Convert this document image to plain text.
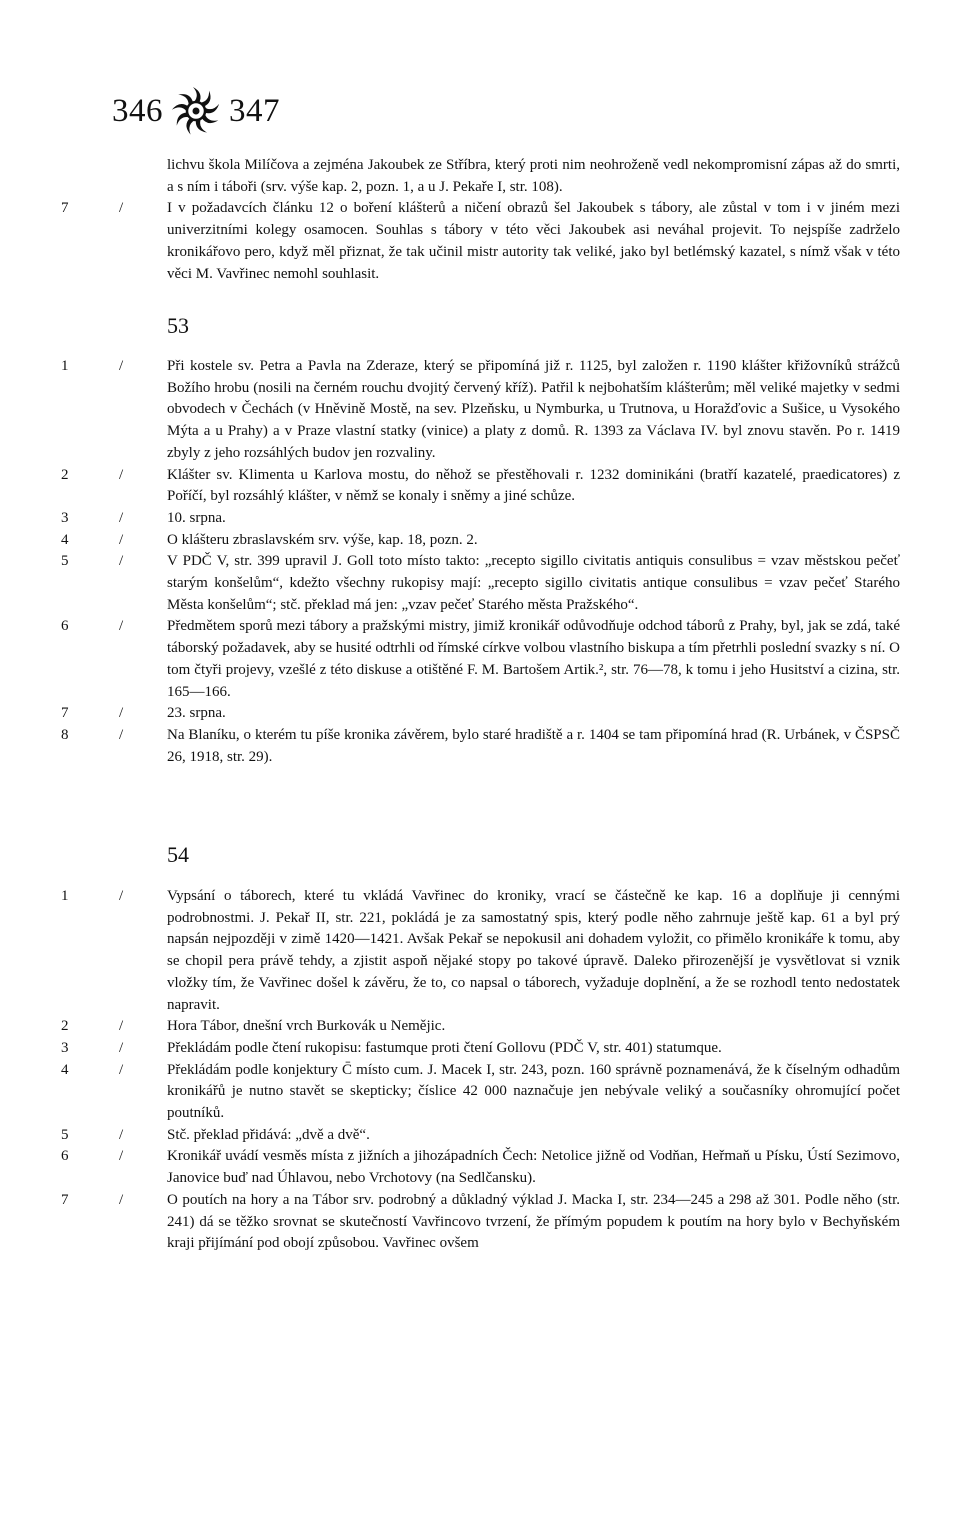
346 347
lichvu škola Milíčova a zejména Jakoubek ze Stříbra, který proti nim neohroženě vedl nekompromisní zápas až do smrti, a s ním i táboři (srv. výše kap. 2, pozn. 1, a u J. Pekaře I, str. 108).
7	/	I v požadavcích článku 12 o boření klášterů a ničení obrazů šel Jakoubek s tábory, ale zůstal v tom i v jiném mezi univerzitními kolegy osamocen. Souhlas s tábory v této věci Jakoubek asi neváhal projevit. To nejspíše zadrželo kronikářovo pero, když měl přiznat, že tak učinil mistr autority tak veliké, jako byl betlémský kazatel, s nímž však v této věci M. Vavřinec nemohl souhlasit.
53
1	/	Při kostele sv. Petra a Pavla na Zderaze, který se připomíná již r. 1125, byl založen r. 1190 klášter křižovníků strážců Božího hrobu (nosili na černém rouchu dvojitý červený kříž). Patřil k nejbohatším klášterům; měl veliké majetky v sedmi obvodech v Čechách (v Hněvině Mostě, na sev. Plzeňsku, u Nymburka, u Trutnova, u Horažďovic a Sušice, u Vysokého Mýta a u Prahy) a v Praze vlastní statky (vinice) a platy z domů. R. 1393 za Václava IV. byl znovu stavěn. Po r. 1419 zbyly z jeho rozsáhlých budov jen rozvaliny.
2	/	Klášter sv. Klimenta u Karlova mostu, do něhož se přestěhovali r. 1232 dominikáni (bratří kazatelé, praedicatores) z Poříčí, byl rozsáhlý klášter, v němž se konaly i sněmy a jiné schůze.
3	/	10. srpna.
4	/	O klášteru zbraslavském srv. výše, kap. 18, pozn. 2.
5	/	V PDČ V, str. 399 upravil J. Goll toto místo takto: „recepto sigillo civitatis antiquis consulibus = vzav městskou pečeť starým konšelům“, kdežto všechny rukopisy mají: „recepto sigillo civitatis antique consulibus = vzav pečeť Starého Města konšelům“; stč. překlad má jen: „vzav pečeť Starého města Pražského“.
6	/	Předmětem sporů mezi tábory a pražskými mistry, jimiž kronikář odůvodňuje odchod táborů z Prahy, byl, jak se zdá, také táborský požadavek, aby se husité odtrhli od římské církve volbou vlastního biskupa a tím přetrhli poslední svazky s ní. O tom čtyři projevy, vzešlé z této diskuse a otištěné F. M. Bartošem Artik.², str. 76—78, k tomu i jeho Husitství a cizina, str. 165—166.
7	/	23. srpna.
8	/	Na Blaníku, o kterém tu píše kronika závěrem, bylo staré hradiště a r. 1404 se tam připomíná hrad (R. Urbánek, v ČSPSČ 26, 1918, str. 29).
54
1	/	Vypsání o táborech, které tu vkládá Vavřinec do kroniky, vrací se částečně ke kap. 16 a doplňuje ji cennými podrobnostmi. J. Pekař II, str. 221, pokládá je za samostatný spis, který podle něho zahrnuje ještě kap. 61 a byl prý napsán nejpozději v zimě 1420—1421. Avšak Pekař se nepokusil ani dohadem vyložit, co přimělo kronikáře k tomu, aby se chopil pera právě tehdy, a zjistit aspoň nějaké stopy po takové úpravě. Daleko přirozenější je vysvětlovat si vznik vložky tím, že Vavřinec došel k závěru, že to, co napsal o táborech, vyžaduje doplnění, a že se rozhodl tento nedostatek napravit.
2	/	Hora Tábor, dnešní vrch Burkovák u Nemějic.
3	/	Překládám podle čtení rukopisu: fastumque proti čtení Gollovu (PDČ V, str. 401) statumque.
4	/	Překládám podle konjektury C̄ místo cum. J. Macek I, str. 243, pozn. 160 správně poznamenává, že k číselným odhadům kronikářů je nutno stavět se skepticky; číslice 42 000 naznačuje jen nebývale veliký a současníky ohromující počet poutníků.
5	/	Stč. překlad přidává: „dvě a dvě“.
6	/	Kronikář uvádí vesměs místa z jižních a jihozápadních Čech: Netolice jižně od Vodňan, Heřmaň u Písku, Ústí Sezimovo, Janovice buď nad Úhlavou, nebo Vrchotovy (na Sedlčansku).
7	/	O poutích na hory a na Tábor srv. podrobný a důkladný výklad J. Macka I, str. 234—245 a 298 až 301. Podle něho (str. 241) dá se těžko srovnat se skutečností Vavřincovo tvrzení, že přímým popudem k poutím na hory bylo v Bechyňském kraji přijímání pod obojí způsobou. Vavřinec ovšem
